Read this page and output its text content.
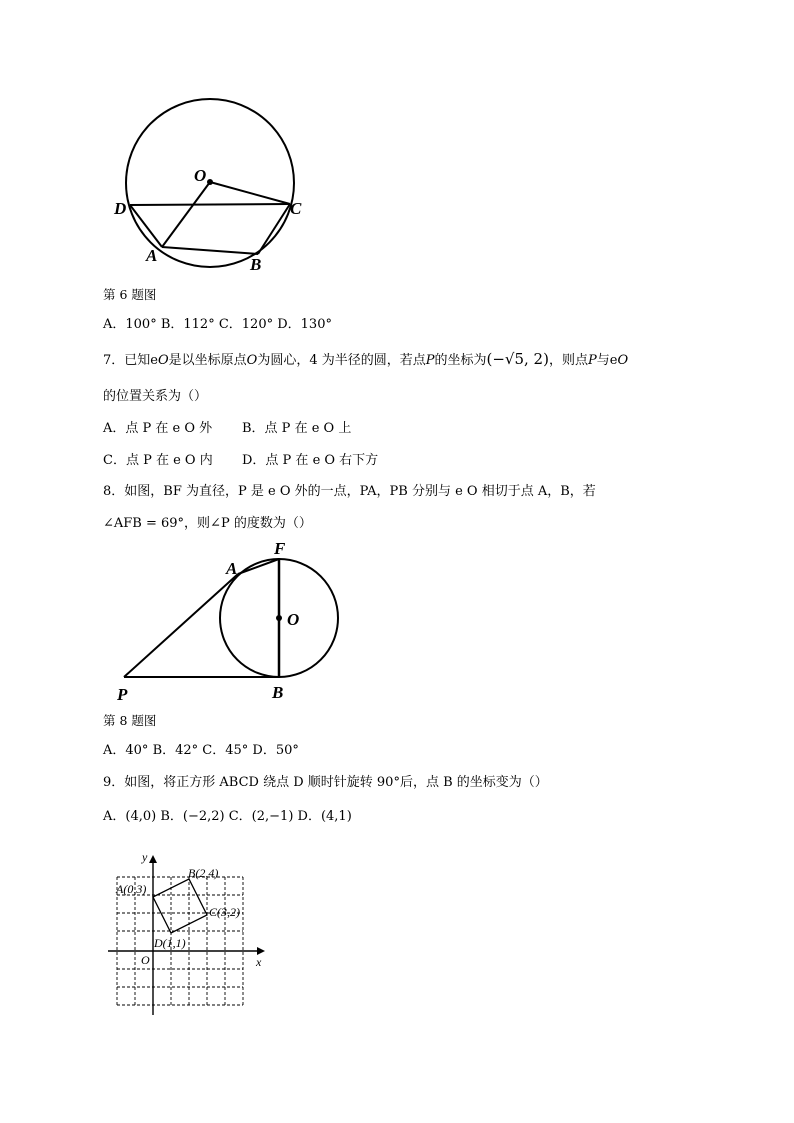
O
D	C
A	B
第 6 题图
A．100° B．112° C．120° D．130°
7．已知eO是以坐标原点O为圆心，4 为半径的圆，若点P的坐标为(−√5, 2)，则点P与eO
的位置关系为（）
A．点 P 在 e O 外 B．点 P 在 e O 上
C．点 P 在 e O 内 D．点 P 在 e O 右下方
8．如图，BF 为直径，P 是 e O 外的一点，PA，PB 分别与 e O 相切于点 A，B，若
∠AFB = 69°，则∠P 的度数为（）
F
A
O
P	B
第 8 题图
A．40° B．42° C．45° D．50°
9．如图，将正方形 ABCD 绕点 D 顺时针旋转 90°后，点 B 的坐标变为（）
A．(4,0) B．(−2,2) C．(2,−1) D．(4,1)
y
x
O
A(0,3)
B(2,4)
C(3,2)
D(1,1)
